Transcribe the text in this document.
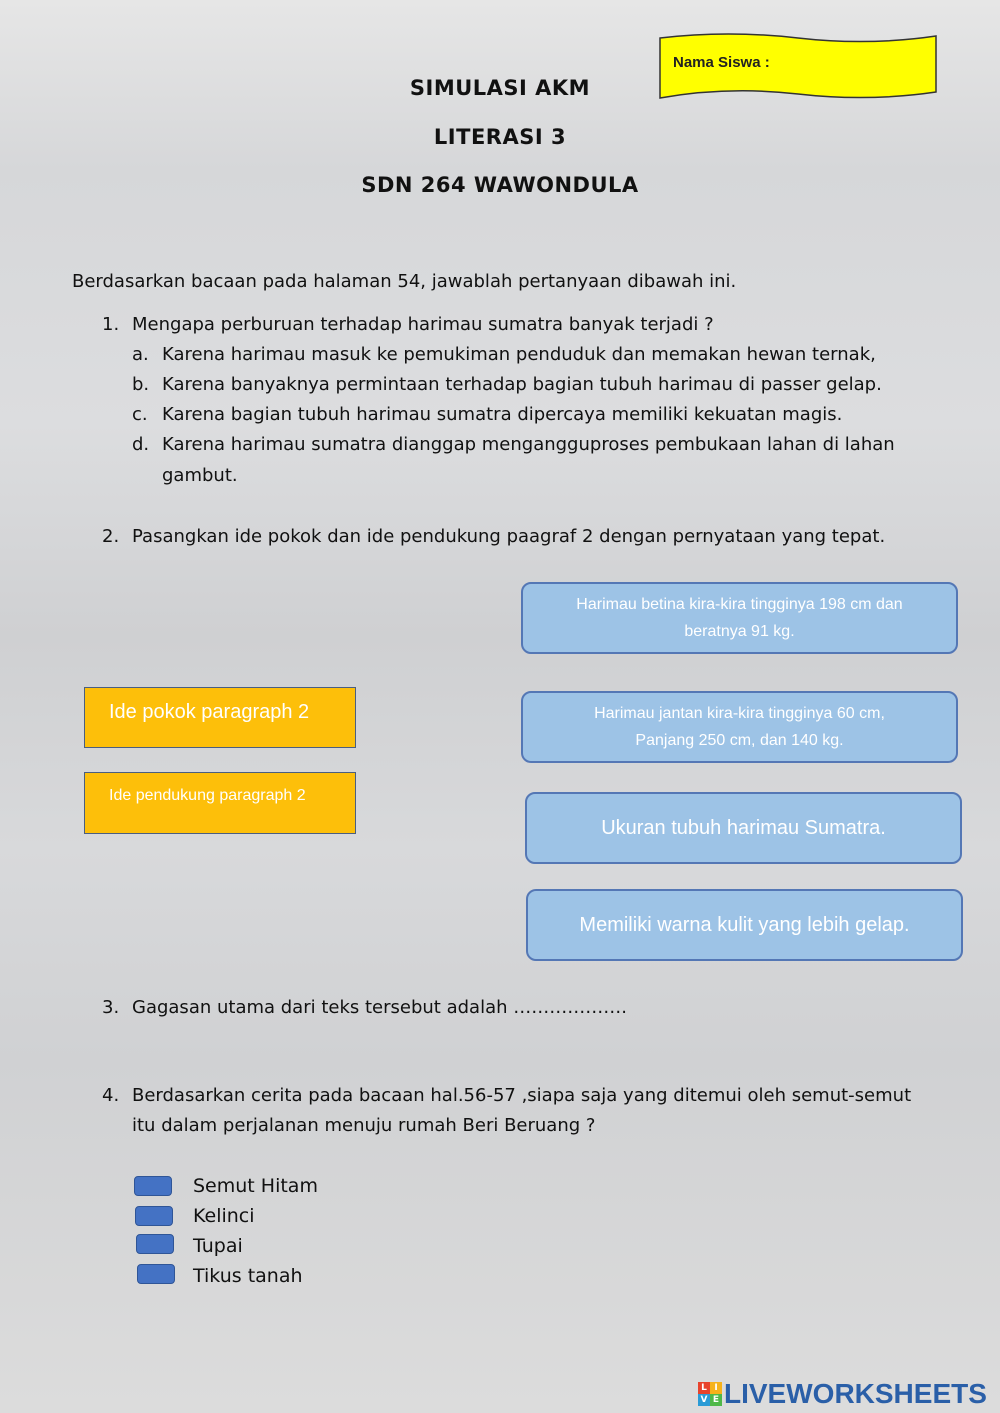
SIMULASI AKM
LITERASI 3
SDN 264 WAWONDULA
Nama Siswa :
Berdasarkan bacaan pada halaman 54, jawablah pertanyaan dibawah ini.
1. Mengapa perburuan terhadap harimau sumatra banyak terjadi ?
a. Karena harimau masuk ke pemukiman penduduk dan memakan hewan ternak,
b. Karena banyaknya permintaan terhadap bagian tubuh harimau di passer gelap.
c. Karena bagian tubuh harimau sumatra dipercaya memiliki kekuatan magis.
d. Karena harimau sumatra dianggap mengangguproses pembukaan lahan di lahan
gambut.
2. Pasangkan ide pokok dan ide pendukung paagraf 2 dengan pernyataan yang tepat.
Ide pokok paragraph 2
Ide pendukung paragraph 2
Harimau betina kira-kira tingginya 198 cm dan
beratnya 91 kg.
Harimau jantan kira-kira tingginya 60 cm,
Panjang 250 cm, dan 140 kg.
Ukuran tubuh harimau Sumatra.
Memiliki warna kulit yang lebih gelap.
3. Gagasan utama dari teks tersebut adalah ……………….
4. Berdasarkan cerita pada bacaan hal.56-57 ,siapa saja yang ditemui oleh semut-semut
itu dalam perjalanan menuju rumah Beri Beruang ?
Semut Hitam
Kelinci
Tupai
Tikus tanah
L I
V E LIVEWORKSHEETS
